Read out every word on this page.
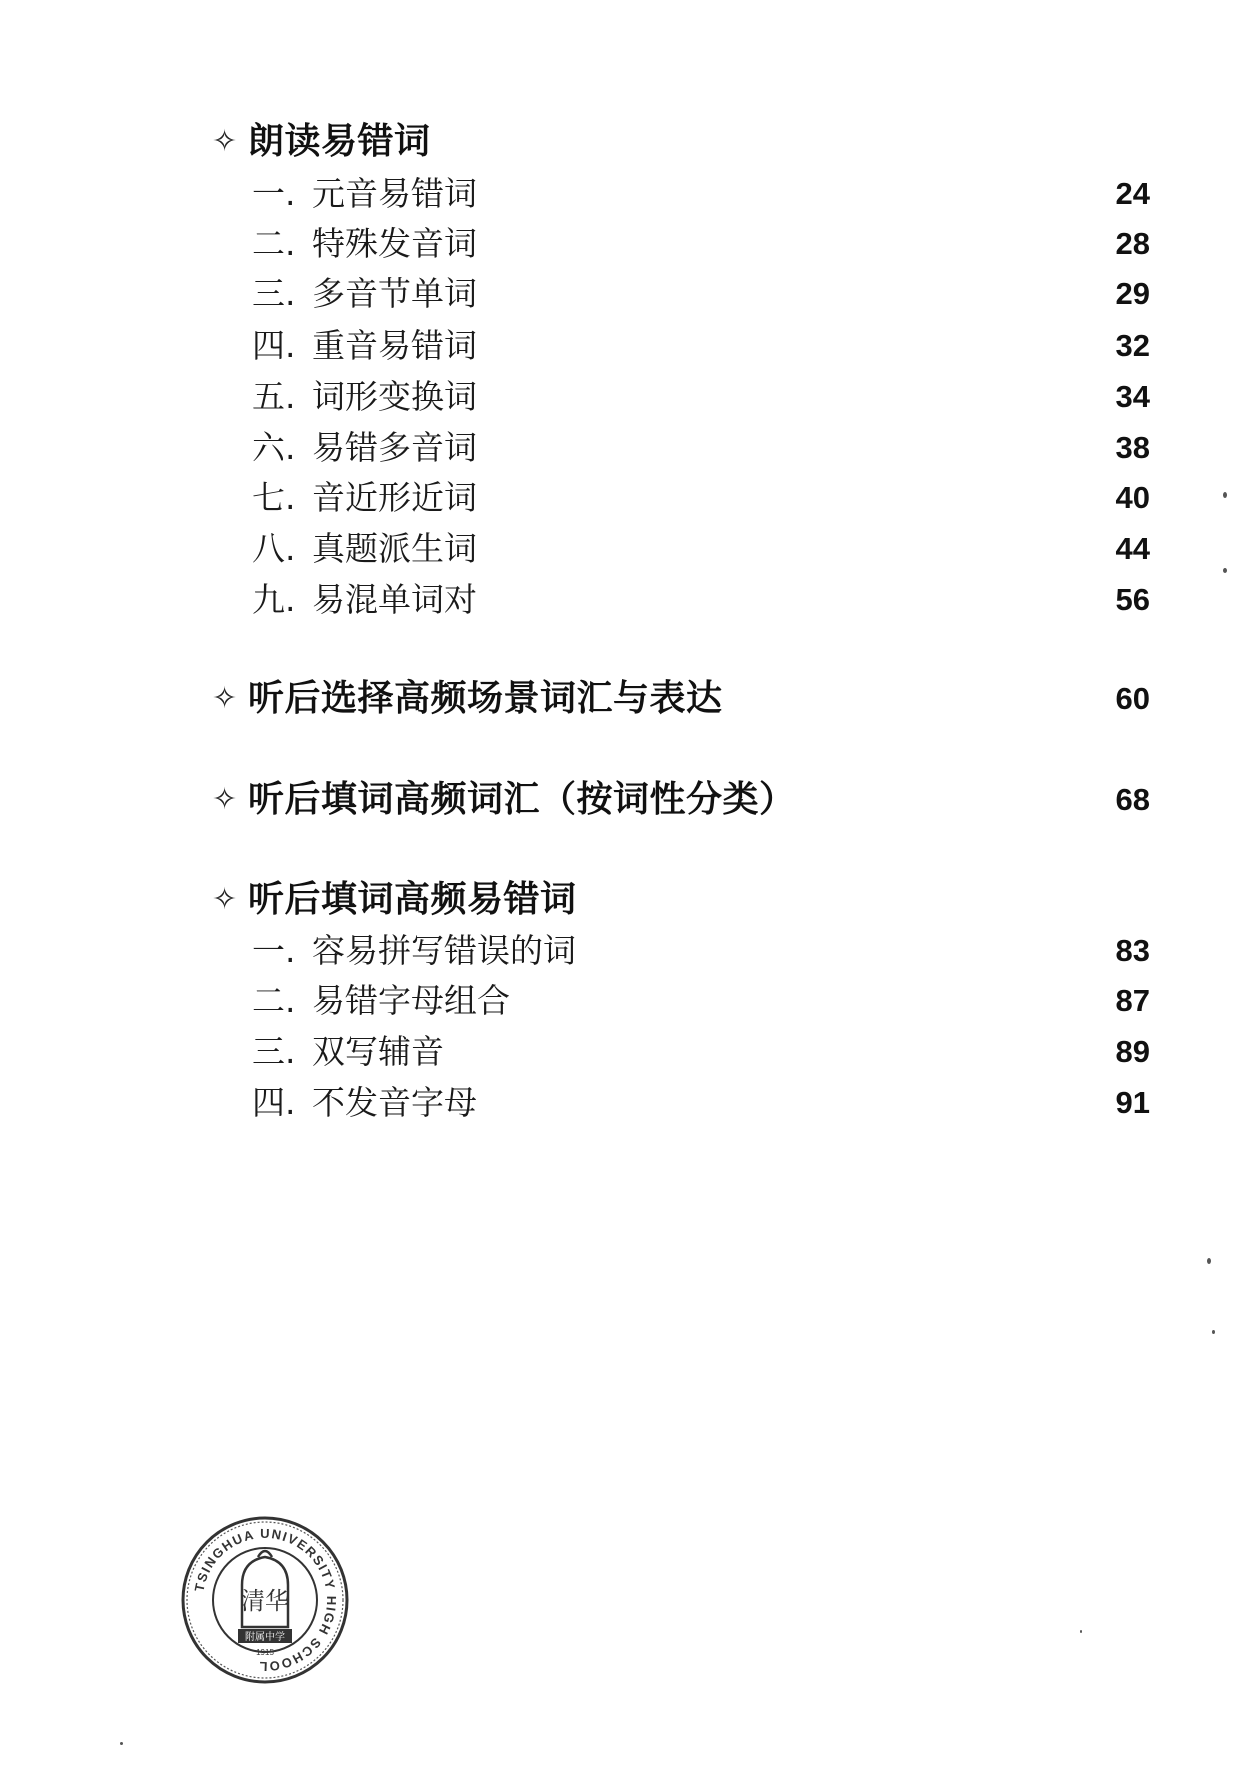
✧ 朗读易错词
一. 元音易错词	24
二. 特殊发音词	28
三. 多音节单词	29
四. 重音易错词	32
五. 词形变换词	34
六. 易错多音词	38
七. 音近形近词	40
八. 真题派生词	44
九. 易混单词对	56
✧ 听后选择高频场景词汇与表达	60
✧ 听后填词高频词汇（按词性分类）	68
✧ 听后填词高频易错词
一. 容易拼写错误的词	83
二. 易错字母组合	87
三. 双写辅音	89
四. 不发音字母	91
TSINGHUA UNIVERSITY HIGH SCHOOL
清华
附属中学
1915
